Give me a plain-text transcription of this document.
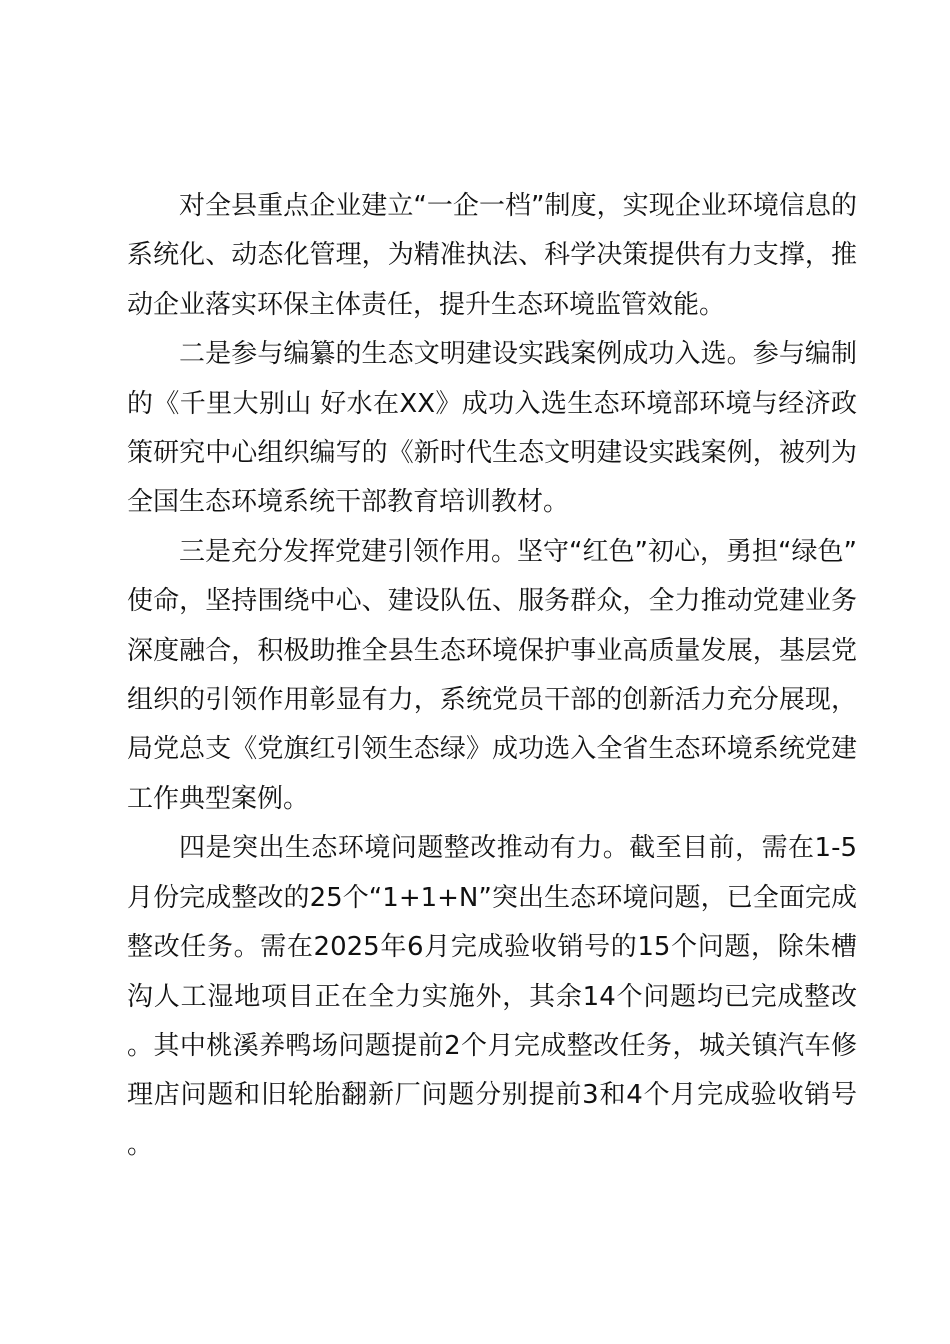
对全县重点企业建立“一企一档”制度，实现企业环境信息的系统化、动态化管理，为精准执法、科学决策提供有力支撑，推动企业落实环保主体责任，提升生态环境监管效能。

二是参与编纂的生态文明建设实践案例成功入选。参与编制的《千里大别山 好水在XX》成功入选生态环境部环境与经济政策研究中心组织编写的《新时代生态文明建设实践案例，被列为全国生态环境系统干部教育培训教材。

三是充分发挥党建引领作用。坚守“红色”初心，勇担“绿色”使命，坚持围绕中心、建设队伍、服务群众，全力推动党建业务深度融合，积极助推全县生态环境保护事业高质量发展，基层党组织的引领作用彰显有力，系统党员干部的创新活力充分展现，局党总支《党旗红引领生态绿》成功选入全省生态环境系统党建工作典型案例。

四是突出生态环境问题整改推动有力。截至目前，需在1-5月份完成整改的25个“1+1+N”突出生态环境问题，已全面完成整改任务。需在2025年6月完成验收销号的15个问题，除朱槽沟人工湿地项目正在全力实施外，其余14个问题均已完成整改。其中桃溪养鸭场问题提前2个月完成整改任务，城关镇汽车修理店问题和旧轮胎翻新厂问题分别提前3和4个月完成验收销号。
